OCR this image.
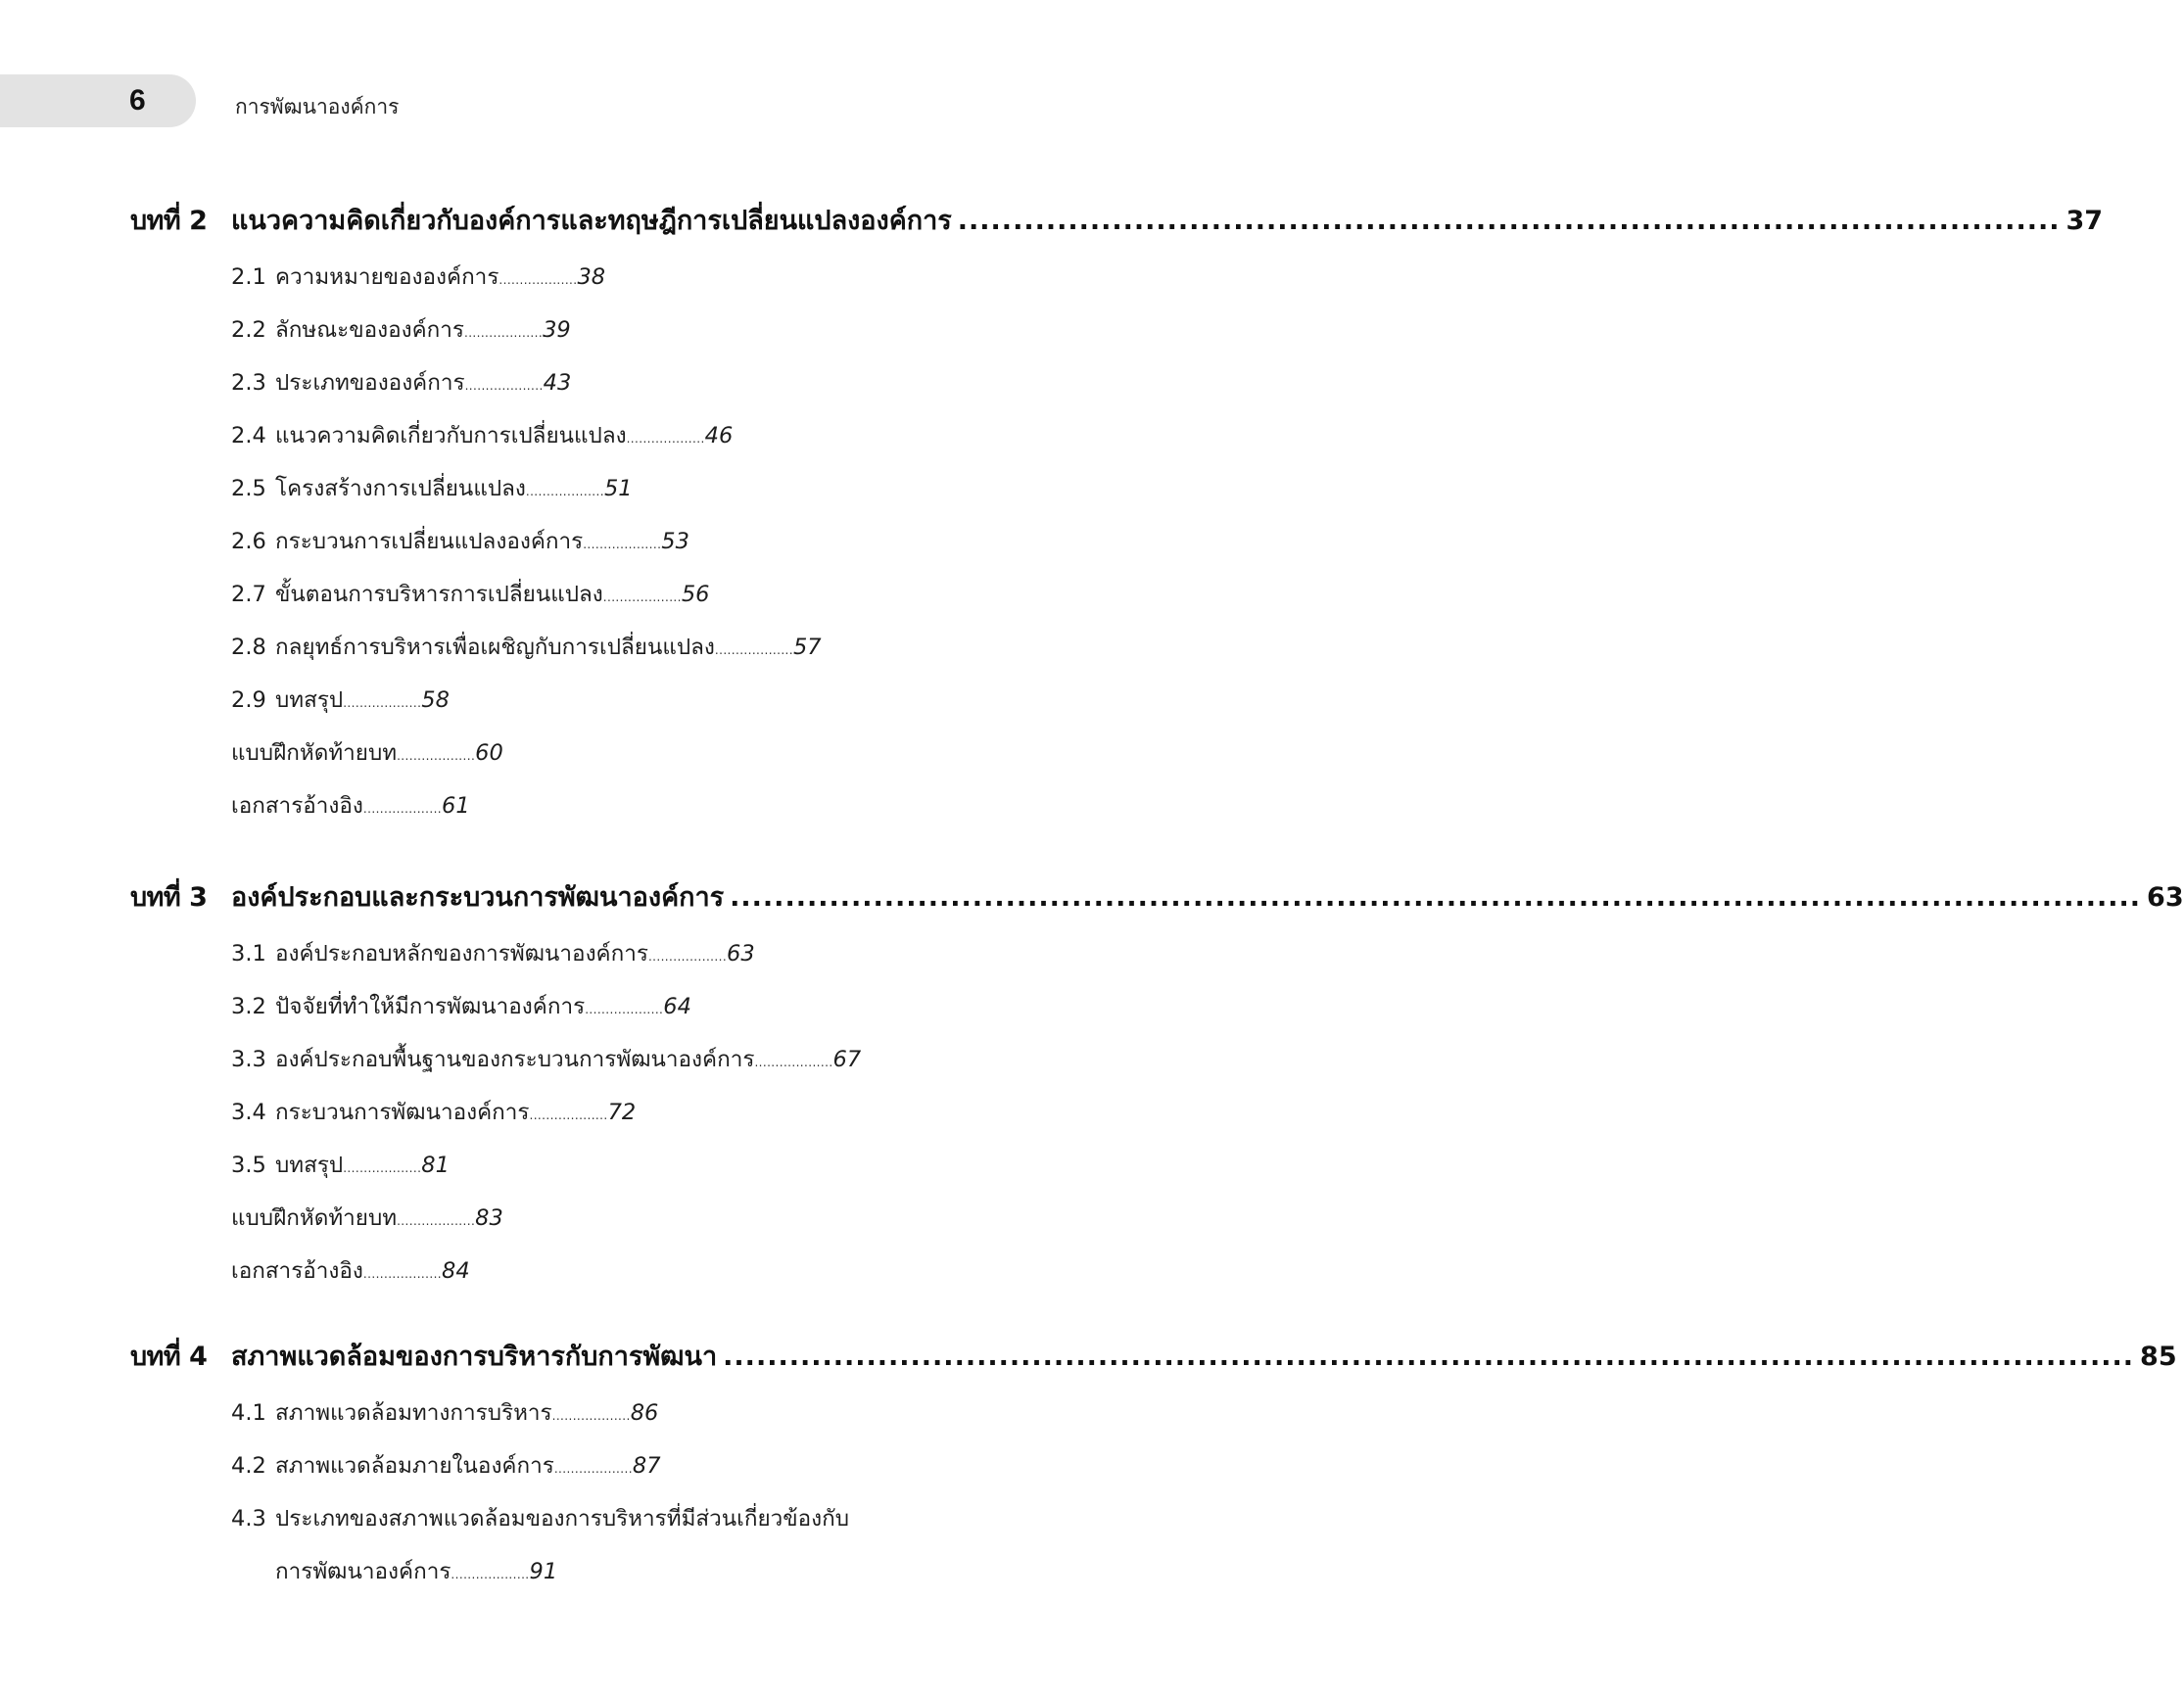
6	การพัฒนาองค์การ
บทที่ 2 แนวความคิดเกี่ยวกับองค์การและทฤษฎีการเปลี่ยนแปลงองค์การ .................................................................................................... 37
2.1 ความหมายขององค์การ...................38
2.2 ลักษณะขององค์การ...................39
2.3 ประเภทขององค์การ...................43
2.4 แนวความคิดเกี่ยวกับการเปลี่ยนแปลง...................46
2.5 โครงสร้างการเปลี่ยนแปลง...................51
2.6 กระบวนการเปลี่ยนแปลงองค์การ...................53
2.7 ขั้นตอนการบริหารการเปลี่ยนแปลง...................56
2.8 กลยุทธ์การบริหารเพื่อเผชิญกับการเปลี่ยนแปลง...................57
2.9 บทสรุป...................58
แบบฝึกหัดท้ายบท...................60
เอกสารอ้างอิง...................61
บทที่ 3 องค์ประกอบและกระบวนการพัฒนาองค์การ ................................................................................................................................ 63
3.1 องค์ประกอบหลักของการพัฒนาองค์การ...................63
3.2 ปัจจัยที่ทำให้มีการพัฒนาองค์การ...................64
3.3 องค์ประกอบพื้นฐานของกระบวนการพัฒนาองค์การ...................67
3.4 กระบวนการพัฒนาองค์การ...................72
3.5 บทสรุป...................81
แบบฝึกหัดท้ายบท...................83
เอกสารอ้างอิง...................84
บทที่ 4 สภาพแวดล้อมของการบริหารกับการพัฒนา ................................................................................................................................ 85
4.1 สภาพแวดล้อมทางการบริหาร...................86
4.2 สภาพแวดล้อมภายในองค์การ...................87
4.3 ประเภทของสภาพแวดล้อมของการบริหารที่มีส่วนเกี่ยวข้องกับ
การพัฒนาองค์การ...................91
